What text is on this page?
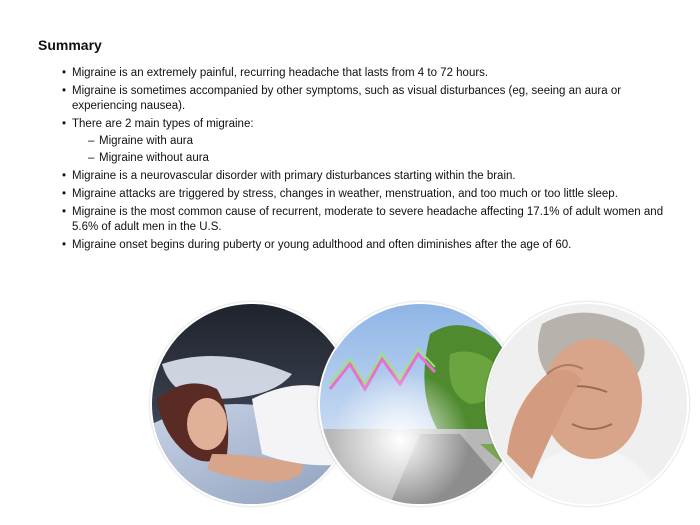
Summary
• Migraine is an extremely painful, recurring headache that lasts from 4 to 72 hours.
• Migraine is sometimes accompanied by other symptoms, such as visual disturbances (eg, seeing an aura or experiencing nausea).
• There are 2 main types of migraine:
– Migraine with aura
– Migraine without aura
• Migraine is a neurovascular disorder with primary disturbances starting within the brain.
• Migraine attacks are triggered by stress, changes in weather, menstruation, and too much or too little sleep.
• Migraine is the most common cause of recurrent, moderate to severe headache affecting 17.1% of adult women and 5.6% of adult men in the U.S.
• Migraine onset begins during puberty or young adulthood and often diminishes after the age of 60.
